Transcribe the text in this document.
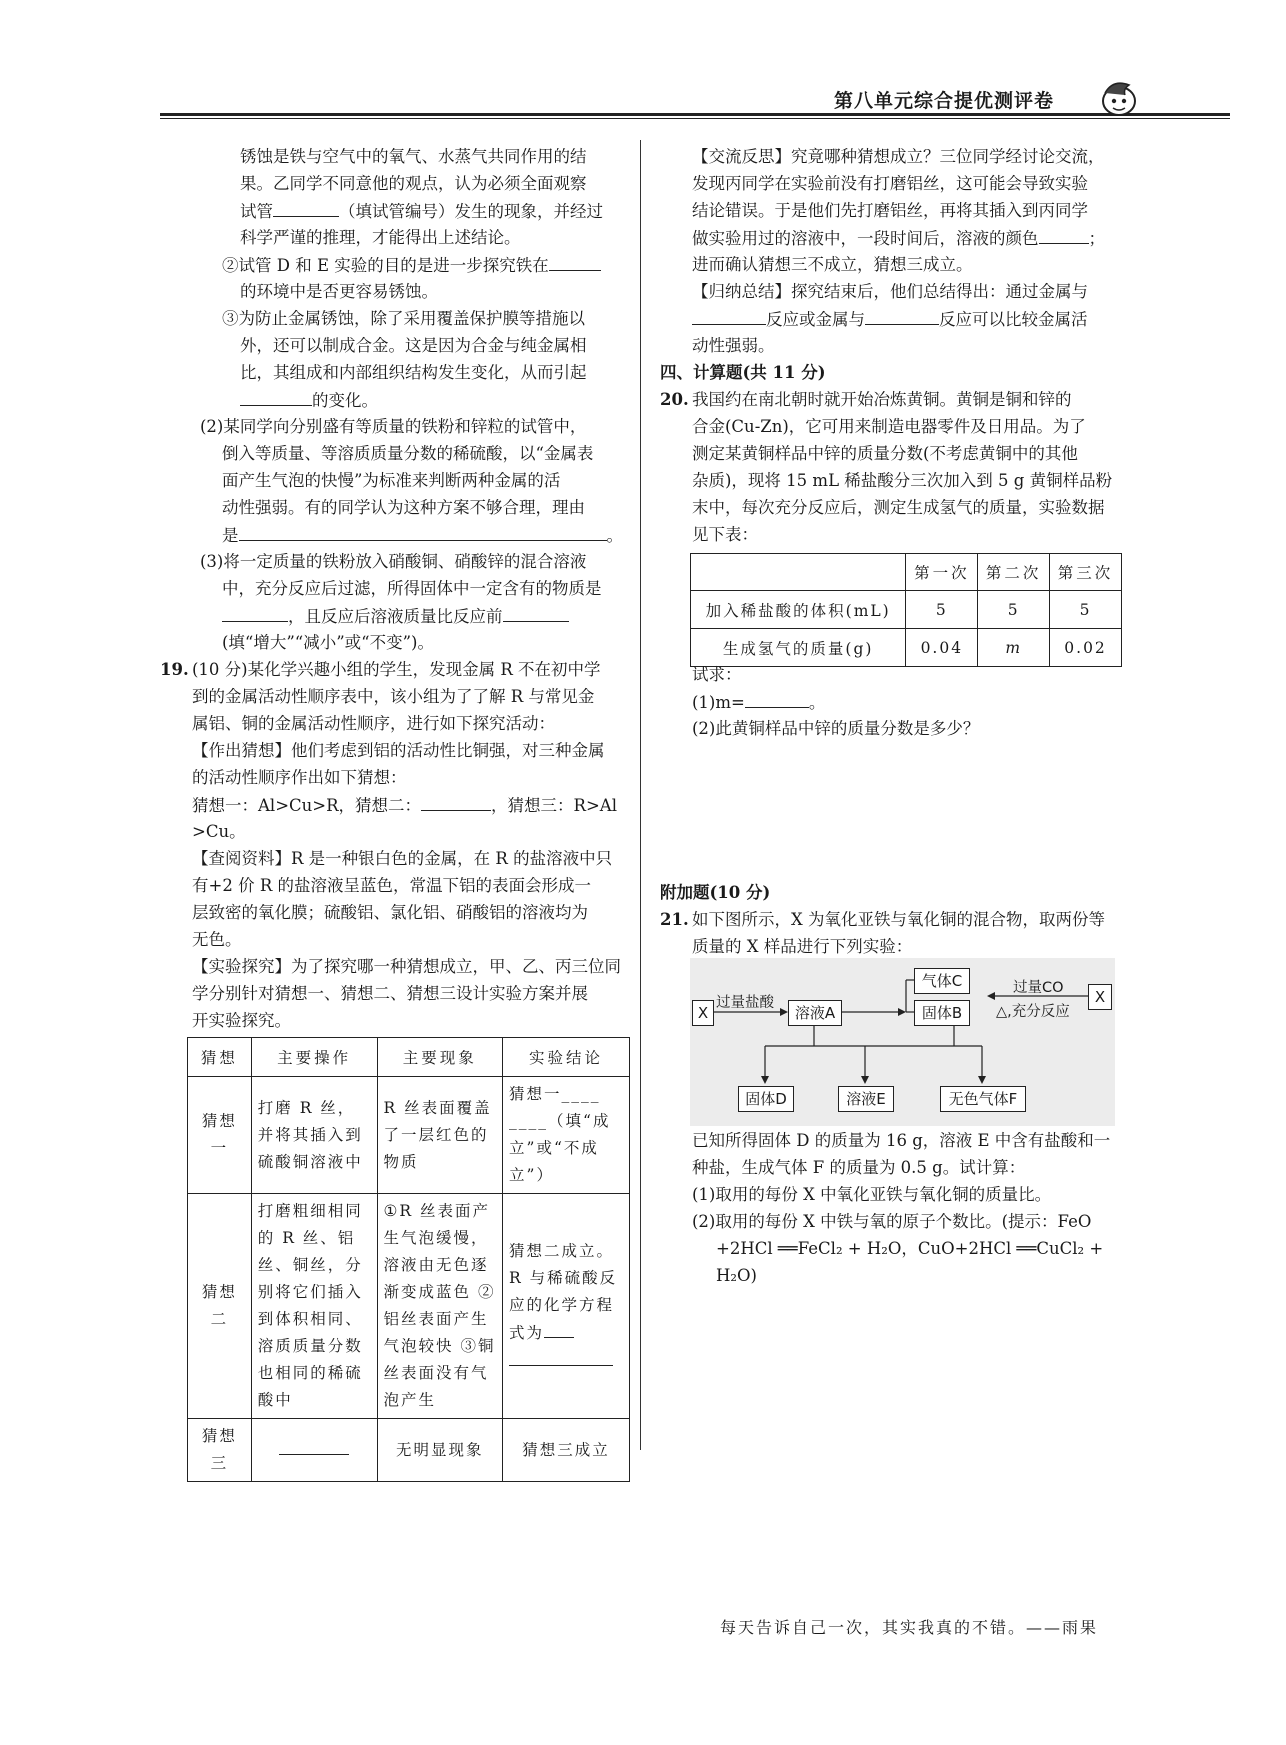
第八单元综合提优测评卷
锈蚀是铁与空气中的氧气、水蒸气共同作用的结
果。乙同学不同意他的观点，认为必须全面观察
试管	（填试管编号）发生的现象，并经过
科学严谨的推理，才能得出上述结论。
②试管 D 和 E 实验的目的是进一步探究铁在
的环境中是否更容易锈蚀。
③为防止金属锈蚀，除了采用覆盖保护膜等措施以
外，还可以制成合金。这是因为合金与纯金属相
比，其组成和内部组织结构发生变化，从而引起
的变化。
(2)某同学向分别盛有等质量的铁粉和锌粒的试管中，
倒入等质量、等溶质质量分数的稀硫酸，以“金属表
面产生气泡的快慢”为标准来判断两种金属的活
动性强弱。有的同学认为这种方案不够合理，理由
是	。
(3)将一定质量的铁粉放入硝酸铜、硝酸锌的混合溶液
中，充分反应后过滤，所得固体中一定含有的物质是
，且反应后溶液质量比反应前
(填“增大”“减小”或“不变”)。
19. (10 分)某化学兴趣小组的学生，发现金属 R 不在初中学
到的金属活动性顺序表中，该小组为了了解 R 与常见金
属铝、铜的金属活动性顺序，进行如下探究活动：
【作出猜想】他们考虑到铝的活动性比铜强，对三种金属
的活动性顺序作出如下猜想：
猜想一：Al>Cu>R，猜想二：	，猜想三：R>Al
>Cu。
【查阅资料】R 是一种银白色的金属，在 R 的盐溶液中只
有+2 价 R 的盐溶液呈蓝色，常温下铝的表面会形成一
层致密的氧化膜；硫酸铝、氯化铝、硝酸铝的溶液均为
无色。
【实验探究】为了探究哪一种猜想成立，甲、乙、丙三位同
学分别针对猜想一、猜想二、猜想三设计实验方案并展
开实验探究。
猜想	主要操作	主要现象	实验结论
猜想一	打磨 R 丝，并将其插入到硫酸铜溶液中	R 丝表面覆盖了一层红色的物质	猜想一____ ____（填“成立”或“不成立”）
猜想二	打磨粗细相同的 R 丝、铝丝、铜丝，分别将它们插入到体积相同、溶质质量分数也相同的稀硫酸中	①R 丝表面产生气泡缓慢，溶液由无色逐渐变成蓝色 ②铝丝表面产生气泡较快 ③铜丝表面没有气泡产生	猜想二成立。R 与稀硫酸反应的化学方程式为

猜想三		无明显现象	猜想三成立
【交流反思】究竟哪种猜想成立？三位同学经讨论交流，
发现丙同学在实验前没有打磨铝丝，这可能会导致实验
结论错误。于是他们先打磨铝丝，再将其插入到丙同学
做实验用过的溶液中，一段时间后，溶液的颜色	；
进而确认猜想三不成立，猜想三成立。
【归纳总结】探究结束后，他们总结得出：通过金属与
反应或金属与	反应可以比较金属活
动性强弱。
四、计算题(共 11 分)
20. 我国约在南北朝时就开始冶炼黄铜。黄铜是铜和锌的
合金(Cu-Zn)，它可用来制造电器零件及日用品。为了
测定某黄铜样品中锌的质量分数(不考虑黄铜中的其他
杂质)，现将 15 mL 稀盐酸分三次加入到 5 g 黄铜样品粉
末中，每次充分反应后，测定生成氢气的质量，实验数据
见下表：
	第一次	第二次	第三次
加入稀盐酸的体积(mL)	5	5	5
生成氢气的质量(g)	0.04	m	0.02
试求：
(1)m=	。
(2)此黄铜样品中锌的质量分数是多少？
附加题(10 分)
21. 如下图所示，X 为氧化亚铁与氧化铜的混合物，取两份等
质量的 X 样品进行下列实验：
X
过量盐酸
溶液A
气体C
固体B
过量CO
△,充分反应
X
固体D	溶液E	无色气体F
已知所得固体 D 的质量为 16 g，溶液 E 中含有盐酸和一
种盐，生成气体 F 的质量为 0.5 g。试计算：
(1)取用的每份 X 中氧化亚铁与氧化铜的质量比。
(2)取用的每份 X 中铁与氧的原子个数比。(提示：FeO
+2HCl ══FeCl₂ + H₂O，CuO+2HCl ══CuCl₂ +
H₂O)
每天告诉自己一次，其实我真的不错。——雨果
